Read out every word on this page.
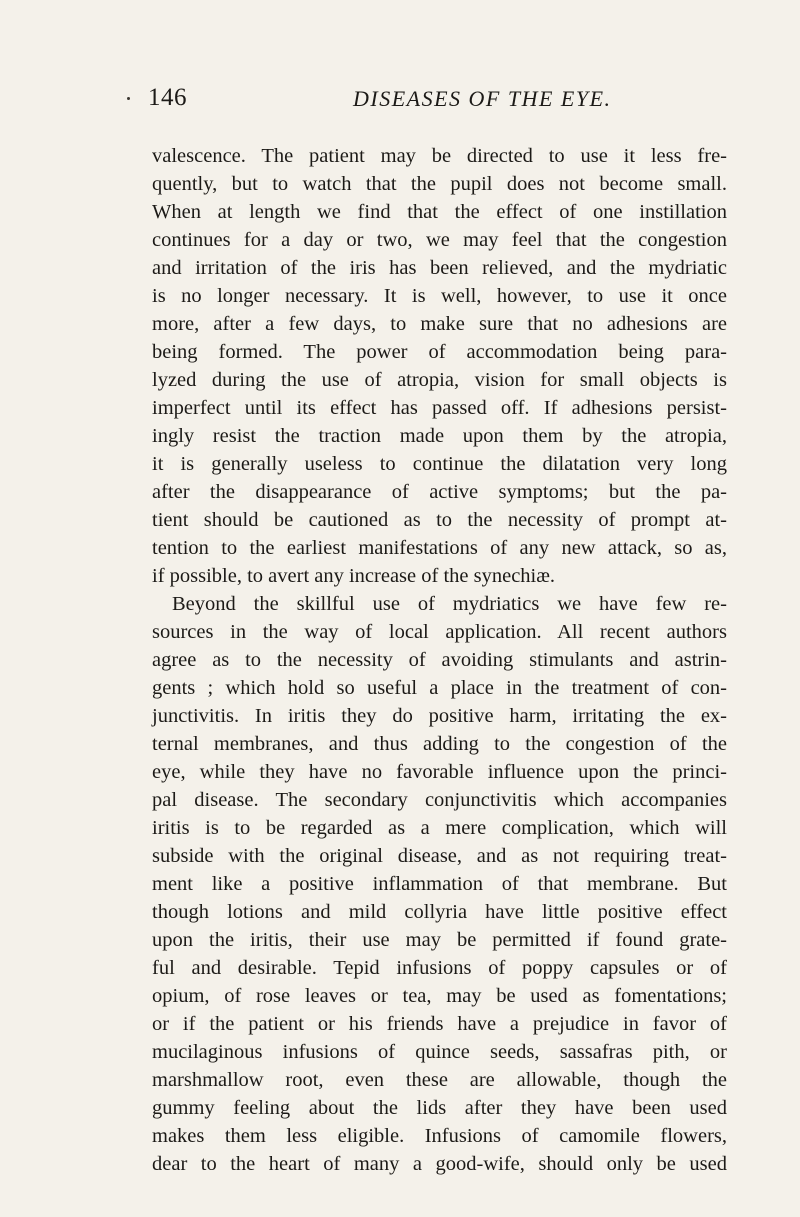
146	DISEASES OF THE EYE.
valescence. The patient may be directed to use it less fre-
quently, but to watch that the pupil does not become small.
When at length we find that the effect of one instillation
continues for a day or two, we may feel that the congestion
and irritation of the iris has been relieved, and the mydriatic
is no longer necessary. It is well, however, to use it once
more, after a few days, to make sure that no adhesions are
being formed. The power of accommodation being para-
lyzed during the use of atropia, vision for small objects is
imperfect until its effect has passed off. If adhesions persist-
ingly resist the traction made upon them by the atropia,
it is generally useless to continue the dilatation very long
after the disappearance of active symptoms; but the pa-
tient should be cautioned as to the necessity of prompt at-
tention to the earliest manifestations of any new attack, so as,
if possible, to avert any increase of the synechiæ.
Beyond the skillful use of mydriatics we have few re-
sources in the way of local application. All recent authors
agree as to the necessity of avoiding stimulants and astrin-
gents ; which hold so useful a place in the treatment of con-
junctivitis. In iritis they do positive harm, irritating the ex-
ternal membranes, and thus adding to the congestion of the
eye, while they have no favorable influence upon the princi-
pal disease. The secondary conjunctivitis which accompanies
iritis is to be regarded as a mere complication, which will
subside with the original disease, and as not requiring treat-
ment like a positive inflammation of that membrane. But
though lotions and mild collyria have little positive effect
upon the iritis, their use may be permitted if found grate-
ful and desirable. Tepid infusions of poppy capsules or of
opium, of rose leaves or tea, may be used as fomentations;
or if the patient or his friends have a prejudice in favor of
mucilaginous infusions of quince seeds, sassafras pith, or
marshmallow root, even these are allowable, though the
gummy feeling about the lids after they have been used
makes them less eligible. Infusions of camomile flowers,
dear to the heart of many a good-wife, should only be used
